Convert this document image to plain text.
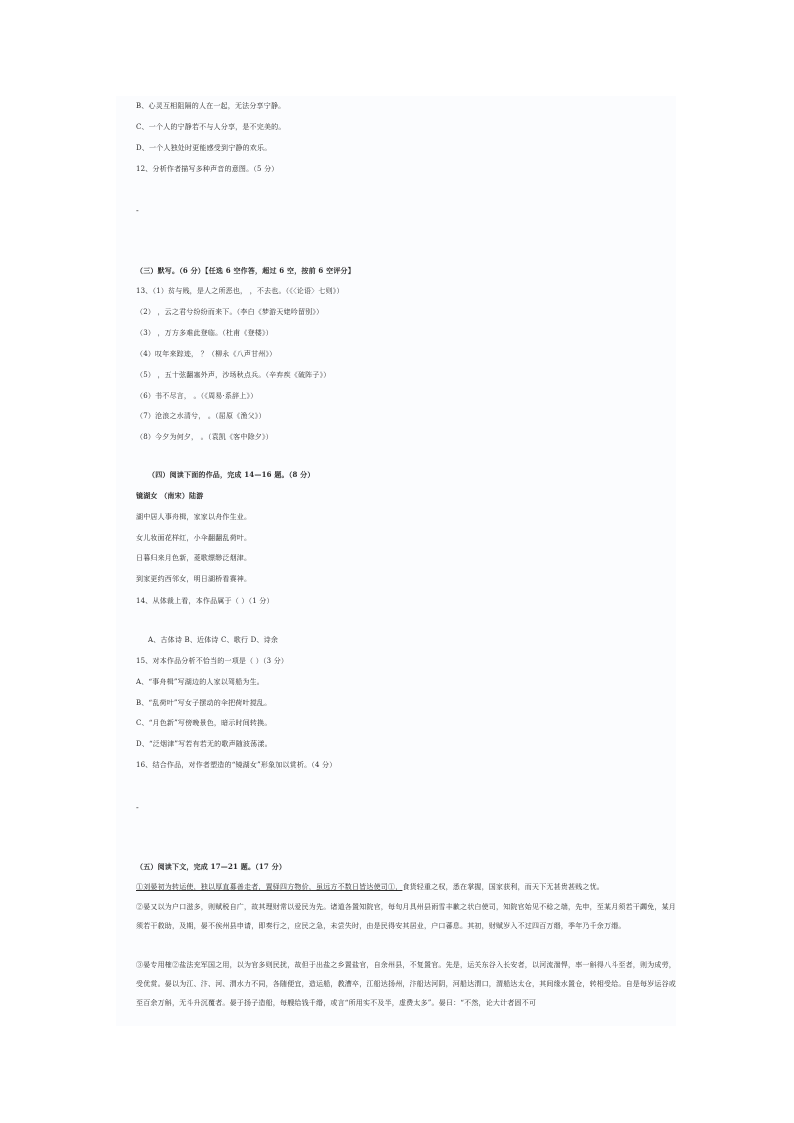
B、心灵互相阻隔的人在一起，无法分享宁静。
C、一个人的宁静若不与人分享，是不完美的。
D、一个人独处时更能感受到宁静的欢乐。
12、分析作者描写多种声音的意图。（5 分）
-
（三）默写。（6 分）【任选 6 空作答，超过 6 空，按前 6 空评分】
13、（1）贫与贱，是人之所恶也， ，不去也。（《〈论语〉七则》）
（2） ，云之君兮纷纷而来下。（李白《梦游天姥吟留别》）
（3） ，万方多难此登临。（杜甫《登楼》）
（4）叹年来踪迹， ？（柳永《八声甘州》）
（5） ，五十弦翻塞外声，沙场秋点兵。（辛弃疾《破阵子》）
（6）书不尽言， 。（《周易·系辞上》）
（7）沧浪之水清兮， 。（屈原《渔父》）
（8）今夕为何夕， 。（袁凯《客中除夕》）
（四）阅读下面的作品，完成 14—16 题。（8 分）
镜湖女 （南宋）陆游
湖中居人事舟楫，家家以舟作生业。
女儿妆面花样红，小伞翻翻乱荷叶。
日暮归来月色新，菱歌缥缈泛烟津。
到家更约西邻女，明日湖桥看赛神。
14、从体裁上看，本作品属于（ ）（1 分）
A、古体诗 B、近体诗 C、歌行 D、诗余
15、对本作品分析不恰当的一项是（ ）（3 分）
A、“事舟楫”写湖边的人家以驾船为生。
B、“乱荷叶”写女子摆动的伞把荷叶搅乱。
C、“月色新”写傍晚景色，暗示时间转换。
D、“泛烟津”写若有若无的歌声随波荡漾。
16、结合作品，对作者塑造的“镜湖女”形象加以赏析。（4 分）
-
（五）阅读下文，完成 17—21 题。（17 分）
①刘晏初为转运使，独以厚直募善走者，置驿四方物价，虽远方不数日皆达使司①，食货轻重之权，悉在掌握，国家获利，而天下无甚贵甚贱之忧。
②晏又以为户口滋多，则赋税自广，故其理财常以爱民为先。诸道各置知院官，每旬月具州县雨雪丰歉之状白使司，知院官始见不稔之端，先申，至某月须若干蠲免，某月须若干救助，及期，晏不俟州县申请，即奏行之，应民之急，未尝失时，由是民得安其居业，户口蕃息。其初，财赋岁入不过四百万缗，季年乃千余万缗。
③晏专用榷②盐法充军国之用，以为官多则民扰，故但于出盐之乡置盐官，自余州县，不复置官。先是，运关东谷入长安者，以河流湍悍，率一斛得八斗至者，则为成劳，受优赏。晏以为江、汴、河、渭水力不同，各随便宜，造运船，教漕卒，江船达扬州，汴船达河阴，河船达渭口，渭船达太仓，其间缘水置仓，转相受给。自是每岁运谷或至百余万斛，无斗升沉覆者。晏于扬子造船，每艘给钱千缗，或言“所用实不及半，虚费太多”。晏曰：“不然，论大计者固不可
